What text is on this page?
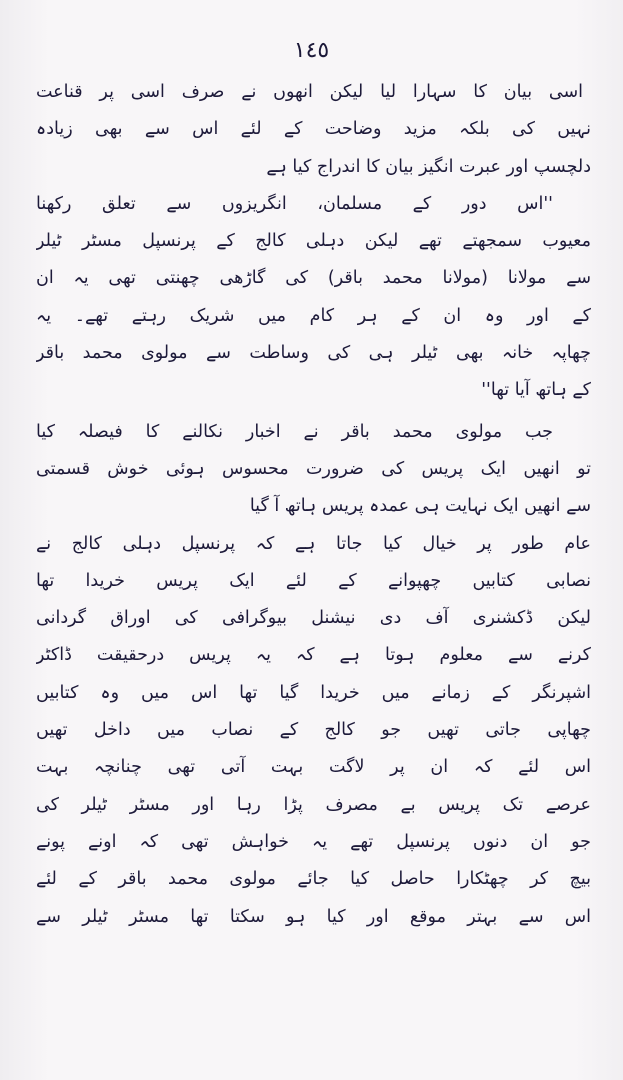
١٤٥
اسی بیان کا سہارا لیا لیکن انھوں نے صرف اسی پر قناعت
نہیں کی بلکہ مزید وضاحت کے لئے اس سے بھی زیادہ
دلچسپ اور عبرت انگیز بیان کا اندراج کیا ہے
''اس دور کے مسلمان، انگریزوں سے تعلق رکھنا
معیوب سمجھتے تھے لیکن دہلی کالج کے پرنسپل مسٹر ٹیلر
سے مولانا (مولانا محمد باقر) کی گاڑھی چھنتی تھی یہ ان
کے اور وہ ان کے ہر کام میں شریک رہتے تھے۔ یہ
چھاپہ خانہ بھی ٹیلر ہی کی وساطت سے مولوی محمد باقر
کے ہاتھ آیا تھا''
جب مولوی محمد باقر نے اخبار نکالنے کا فیصلہ کیا
تو انھیں ایک پریس کی ضرورت محسوس ہوئی خوش قسمتی
سے انھیں ایک نہایت ہی عمدہ پریس ہاتھ آ گیا
عام طور پر خیال کیا جاتا ہے کہ پرنسپل دہلی کالج نے
نصابی کتابیں چھپوانے کے لئے ایک پریس خریدا تھا
لیکن ڈکشنری آف دی نیشنل بیوگرافی کی اوراق گردانی
کرنے سے معلوم ہوتا ہے کہ یہ پریس درحقیقت ڈاکٹر
اشپرنگر کے زمانے میں خریدا گیا تھا اس میں وہ کتابیں
چھاپی جاتی تھیں جو کالج کے نصاب میں داخل تھیں
اس لئے کہ ان پر لاگت بہت آتی تھی چنانچہ بہت
عرصے تک پریس بے مصرف پڑا رہا اور مسٹر ٹیلر کی
جو ان دنوں پرنسپل تھے یہ خواہش تھی کہ اونے پونے
بیچ کر چھٹکارا حاصل کیا جائے مولوی محمد باقر کے لئے
اس سے بہتر موقع اور کیا ہو سکتا تھا مسٹر ٹیلر سے
